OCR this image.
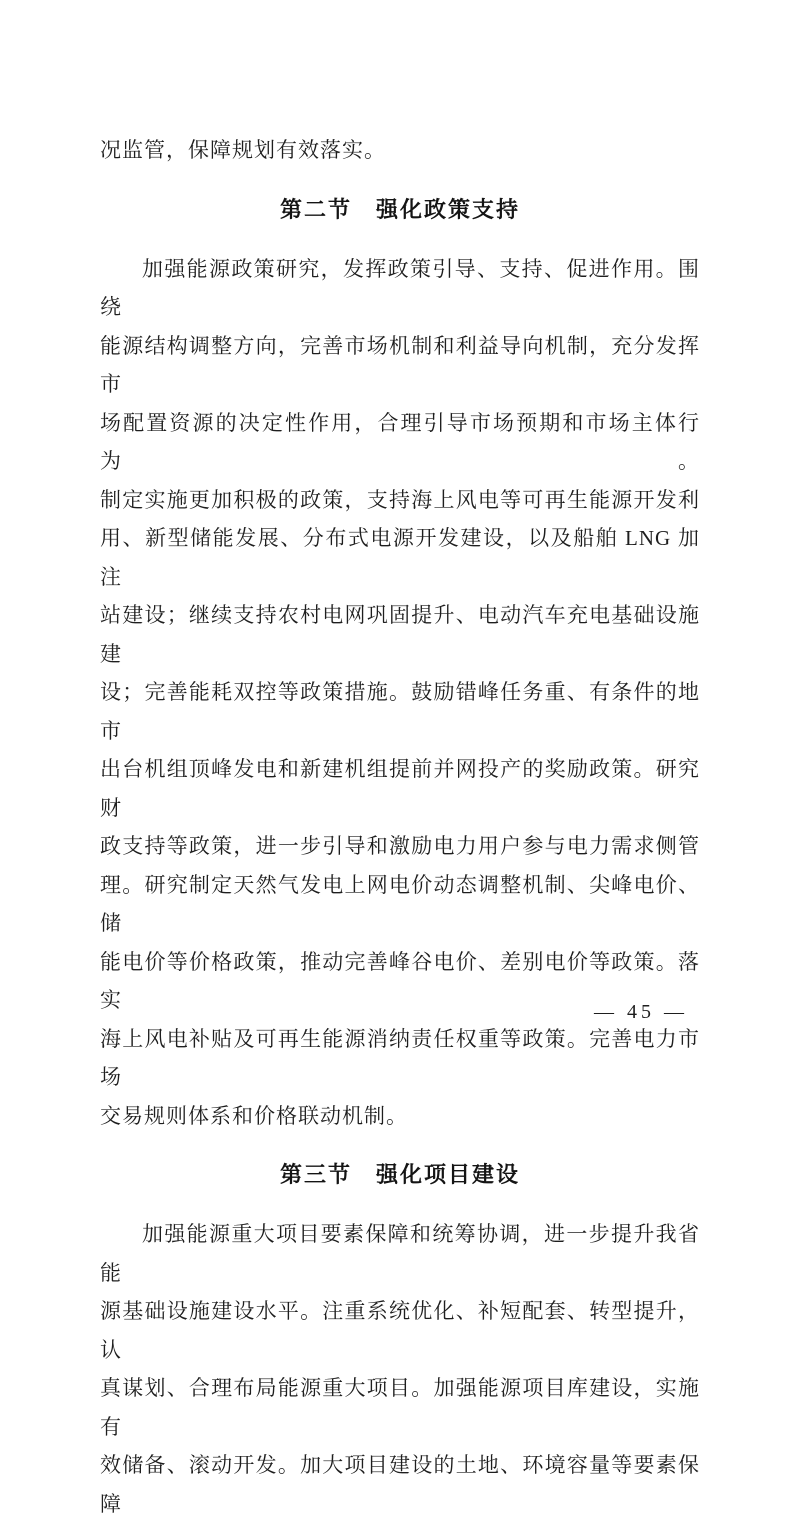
况监管，保障规划有效落实。
第二节　强化政策支持
加强能源政策研究，发挥政策引导、支持、促进作用。围绕
能源结构调整方向，完善市场机制和利益导向机制，充分发挥市
场配置资源的决定性作用，合理引导市场预期和市场主体行为。
制定实施更加积极的政策，支持海上风电等可再生能源开发利
用、新型储能发展、分布式电源开发建设，以及船舶 LNG 加注
站建设；继续支持农村电网巩固提升、电动汽车充电基础设施建
设；完善能耗双控等政策措施。鼓励错峰任务重、有条件的地市
出台机组顶峰发电和新建机组提前并网投产的奖励政策。研究财
政支持等政策，进一步引导和激励电力用户参与电力需求侧管
理。研究制定天然气发电上网电价动态调整机制、尖峰电价、储
能电价等价格政策，推动完善峰谷电价、差别电价等政策。落实
海上风电补贴及可再生能源消纳责任权重等政策。完善电力市场
交易规则体系和价格联动机制。
第三节　强化项目建设
加强能源重大项目要素保障和统筹协调，进一步提升我省能
源基础设施建设水平。注重系统优化、补短配套、转型提升，认
真谋划、合理布局能源重大项目。加强能源项目库建设，实施有
效储备、滚动开发。加大项目建设的土地、环境容量等要素保障
— 45 —
